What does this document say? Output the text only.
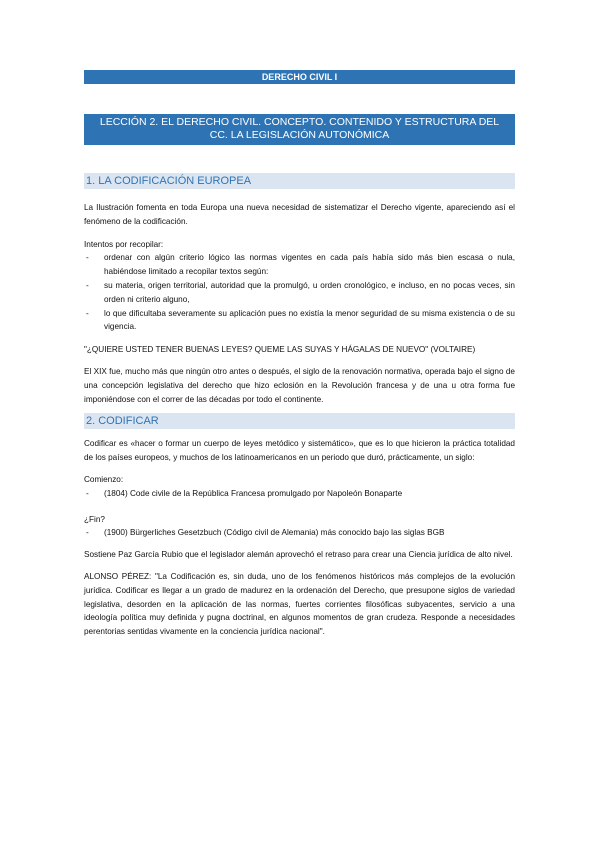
DERECHO CIVIL I
LECCIÓN 2. EL DERECHO CIVIL. CONCEPTO. CONTENIDO Y ESTRUCTURA DEL
CC. LA LEGISLACIÓN AUTONÓMICA
1. LA CODIFICACIÓN EUROPEA

La Ilustración fomenta en toda Europa una nueva necesidad de sistematizar el Derecho vigente, apareciendo así el fenómeno de la codificación.

Intentos por recopilar:

- ordenar con algún criterio lógico las normas vigentes en cada país había sido más bien escasa o nula, habiéndose limitado a recopilar textos según:
- su materia, origen territorial, autoridad que la promulgó, u orden cronológico, e incluso, en no pocas veces, sin orden ni criterio alguno,
- lo que dificultaba severamente su aplicación pues no existía la menor seguridad de su misma existencia o de su vigencia.

"¿QUIERE USTED TENER BUENAS LEYES? QUEME LAS SUYAS Y HÁGALAS DE NUEVO" (VOLTAIRE)

El XIX fue, mucho más que ningún otro antes o después, el siglo de la renovación normativa, operada bajo el signo de una concepción legislativa del derecho que hizo eclosión en la Revolución francesa y de una u otra forma fue imponiéndose con el correr de las décadas por todo el continente.

2. CODIFICAR

Codificar es «hacer o formar un cuerpo de leyes metódico y sistemático», que es lo que hicieron la práctica totalidad de los países europeos, y muchos de los latinoamericanos en un periodo que duró, prácticamente, un siglo:

Comienzo:

- (1804) Code civile de la República Francesa promulgado por Napoleón Bonaparte

¿Fin?

- (1900) Bürgerliches Gesetzbuch (Código civil de Alemania) más conocido bajo las siglas BGB

Sostiene Paz García Rubio que el legislador alemán aprovechó el retraso para crear una Ciencia jurídica de alto nivel.

ALONSO PÉREZ: "La Codificación es, sin duda, uno de los fenómenos históricos más complejos de la evolución jurídica. Codificar es llegar a un grado de madurez en la ordenación del Derecho, que presupone siglos de variedad legislativa, desorden en la aplicación de las normas, fuertes corrientes filosóficas subyacentes, servicio a una ideología política muy definida y pugna doctrinal, en algunos momentos de gran crudeza. Responde a necesidades perentorias sentidas vivamente en la conciencia jurídica nacional".
